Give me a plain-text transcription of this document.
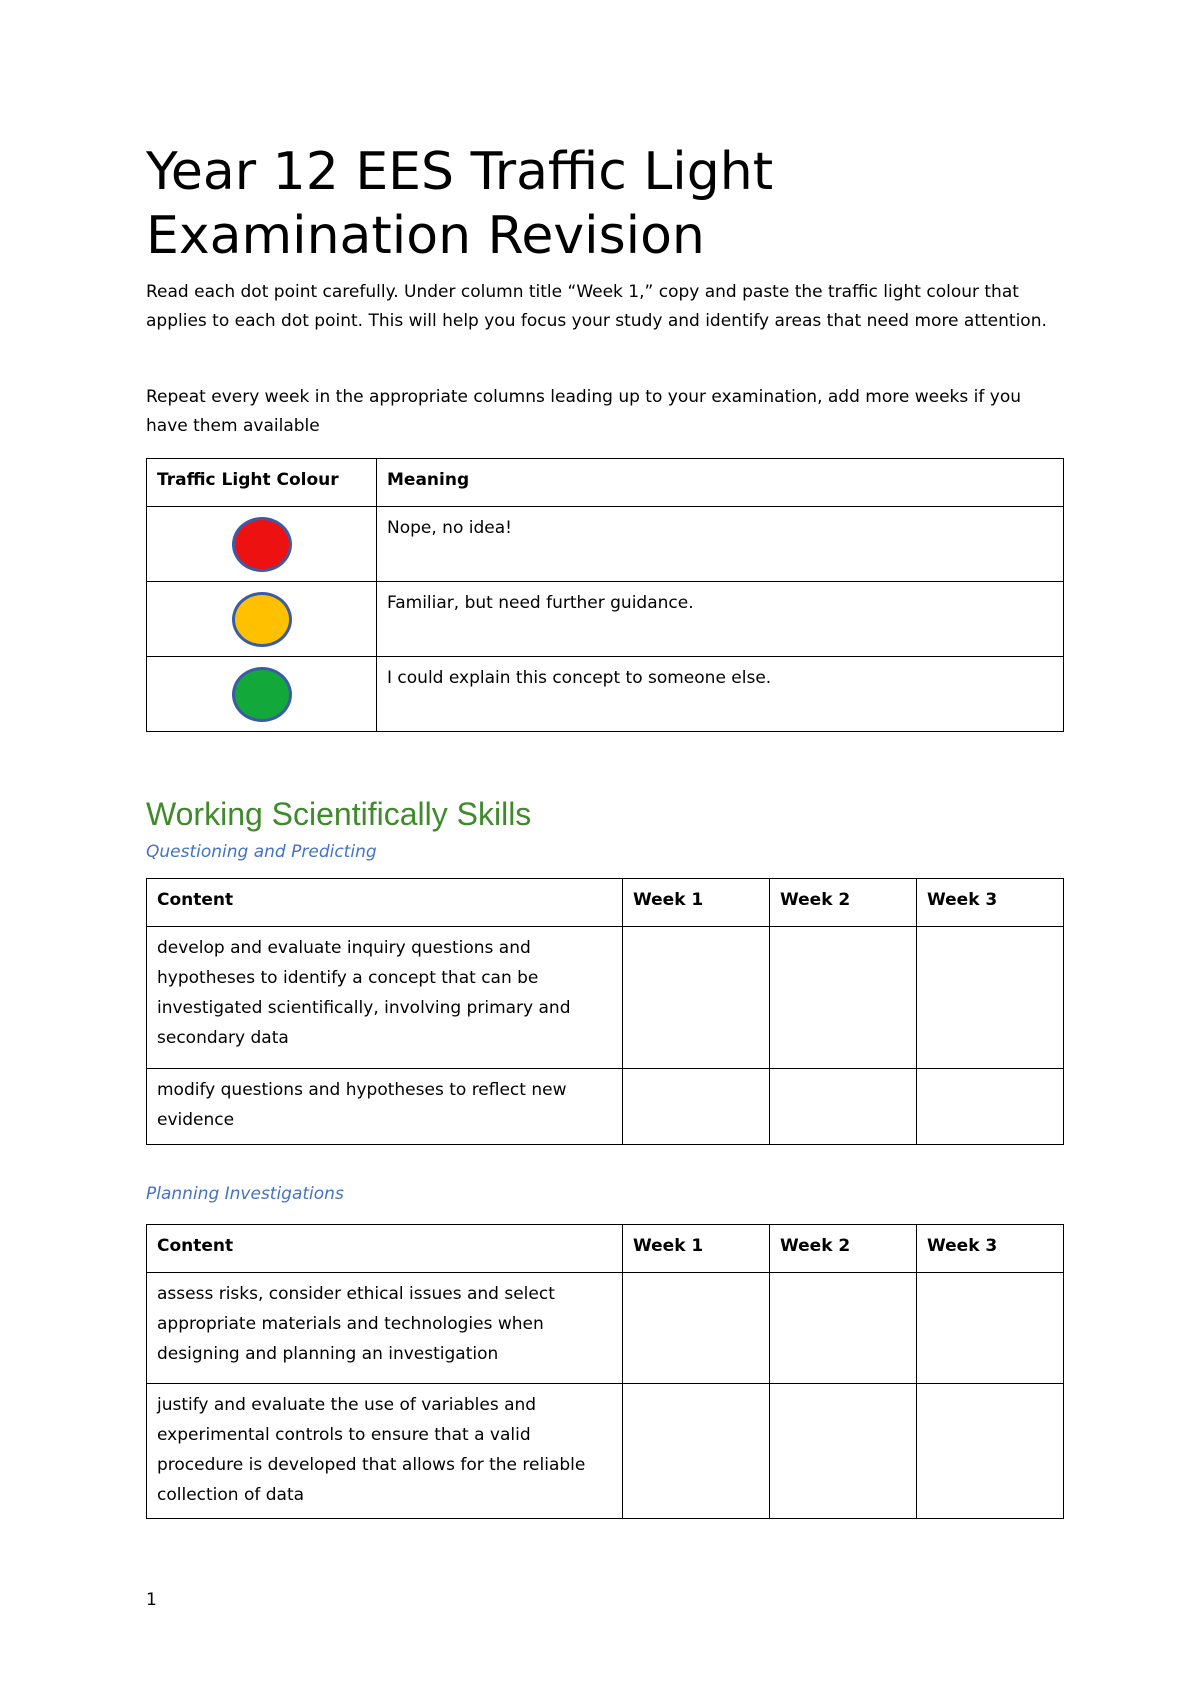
Year 12 EES Traffic Light Examination Revision

Read each dot point carefully. Under column title “Week 1,” copy and paste the traffic light colour that applies to each dot point. This will help you focus your study and identify areas that need more attention.

Repeat every week in the appropriate columns leading up to your examination, add more weeks if you have them available

Traffic Light Colour	Meaning
	Nope, no idea!
	Familiar, but need further guidance.
	I could explain this concept to someone else.
Working Scientifically Skills
Questioning and Predicting
Content	Week 1	Week 2	Week 3
develop and evaluate inquiry questions and hypotheses to identify a concept that can be investigated scientifically, involving primary and secondary data			
modify questions and hypotheses to reflect new evidence			
Planning Investigations
Content	Week 1	Week 2	Week 3
assess risks, consider ethical issues and select appropriate materials and technologies when designing and planning an investigation			
justify and evaluate the use of variables and experimental controls to ensure that a valid procedure is developed that allows for the reliable collection of data			
1
